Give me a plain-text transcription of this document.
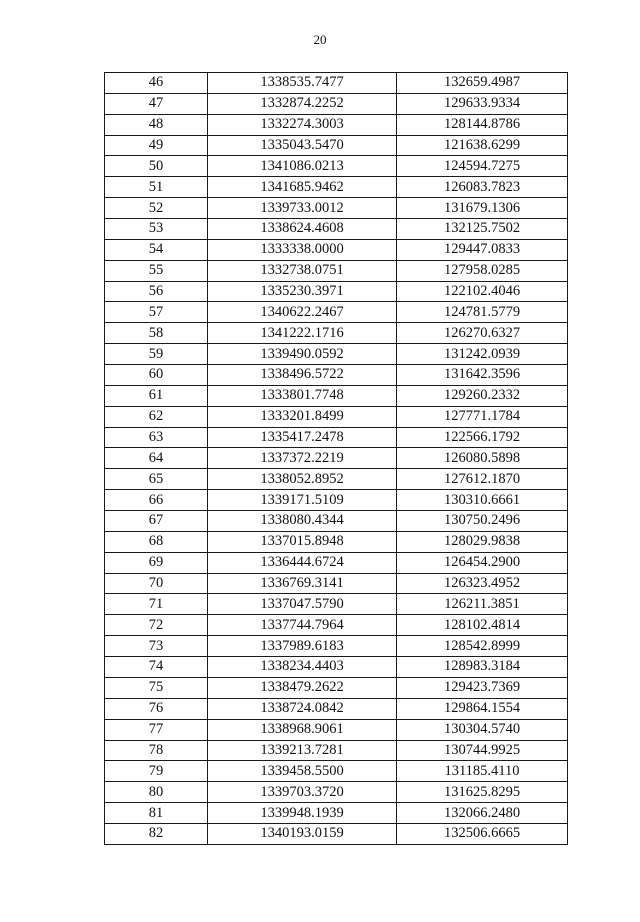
20
46	1338535.7477	132659.4987
47	1332874.2252	129633.9334
48	1332274.3003	128144.8786
49	1335043.5470	121638.6299
50	1341086.0213	124594.7275
51	1341685.9462	126083.7823
52	1339733.0012	131679.1306
53	1338624.4608	132125.7502
54	1333338.0000	129447.0833
55	1332738.0751	127958.0285
56	1335230.3971	122102.4046
57	1340622.2467	124781.5779
58	1341222.1716	126270.6327
59	1339490.0592	131242.0939
60	1338496.5722	131642.3596
61	1333801.7748	129260.2332
62	1333201.8499	127771.1784
63	1335417.2478	122566.1792
64	1337372.2219	126080.5898
65	1338052.8952	127612.1870
66	1339171.5109	130310.6661
67	1338080.4344	130750.2496
68	1337015.8948	128029.9838
69	1336444.6724	126454.2900
70	1336769.3141	126323.4952
71	1337047.5790	126211.3851
72	1337744.7964	128102.4814
73	1337989.6183	128542.8999
74	1338234.4403	128983.3184
75	1338479.2622	129423.7369
76	1338724.0842	129864.1554
77	1338968.9061	130304.5740
78	1339213.7281	130744.9925
79	1339458.5500	131185.4110
80	1339703.3720	131625.8295
81	1339948.1939	132066.2480
82	1340193.0159	132506.6665
